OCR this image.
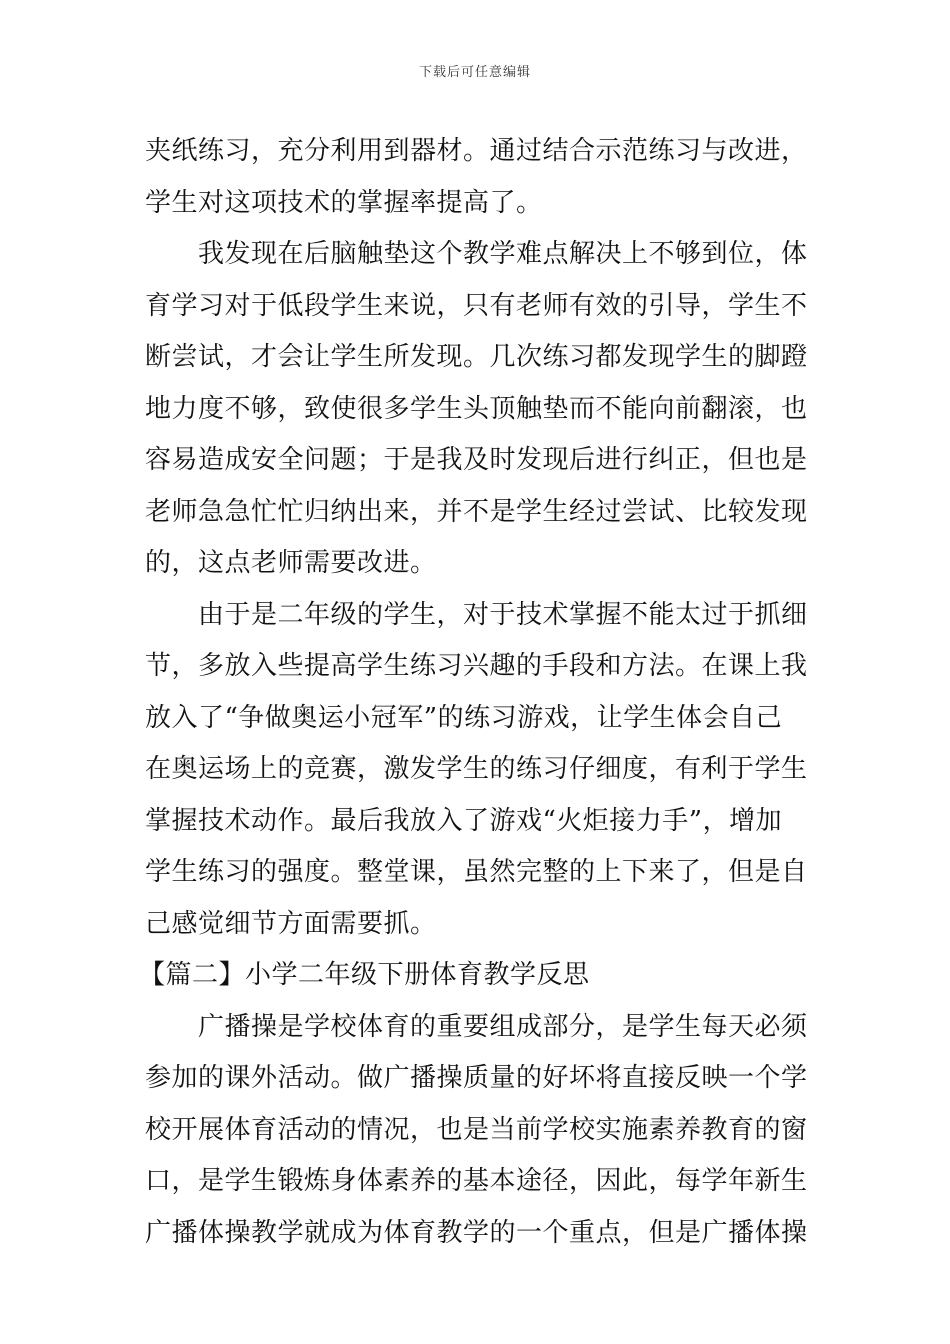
下载后可任意编辑
夹纸练习，充分利用到器材。通过结合示范练习与改进，
学生对这项技术的掌握率提高了。
我发现在后脑触垫这个教学难点解决上不够到位，体
育学习对于低段学生来说，只有老师有效的引导，学生不
断尝试，才会让学生所发现。几次练习都发现学生的脚蹬
地力度不够，致使很多学生头顶触垫而不能向前翻滚，也
容易造成安全问题；于是我及时发现后进行纠正，但也是
老师急急忙忙归纳出来，并不是学生经过尝试、比较发现
的，这点老师需要改进。
由于是二年级的学生，对于技术掌握不能太过于抓细
节，多放入些提高学生练习兴趣的手段和方法。在课上我
放入了“争做奥运小冠军”的练习游戏，让学生体会自己
在奥运场上的竞赛，激发学生的练习仔细度，有利于学生
掌握技术动作。最后我放入了游戏“火炬接力手”，增加
学生练习的强度。整堂课，虽然完整的上下来了，但是自
己感觉细节方面需要抓。
【篇二】小学二年级下册体育教学反思
广播操是学校体育的重要组成部分，是学生每天必须
参加的课外活动。做广播操质量的好坏将直接反映一个学
校开展体育活动的情况，也是当前学校实施素养教育的窗
口，是学生锻炼身体素养的基本途径，因此，每学年新生
广播体操教学就成为体育教学的一个重点，但是广播体操
